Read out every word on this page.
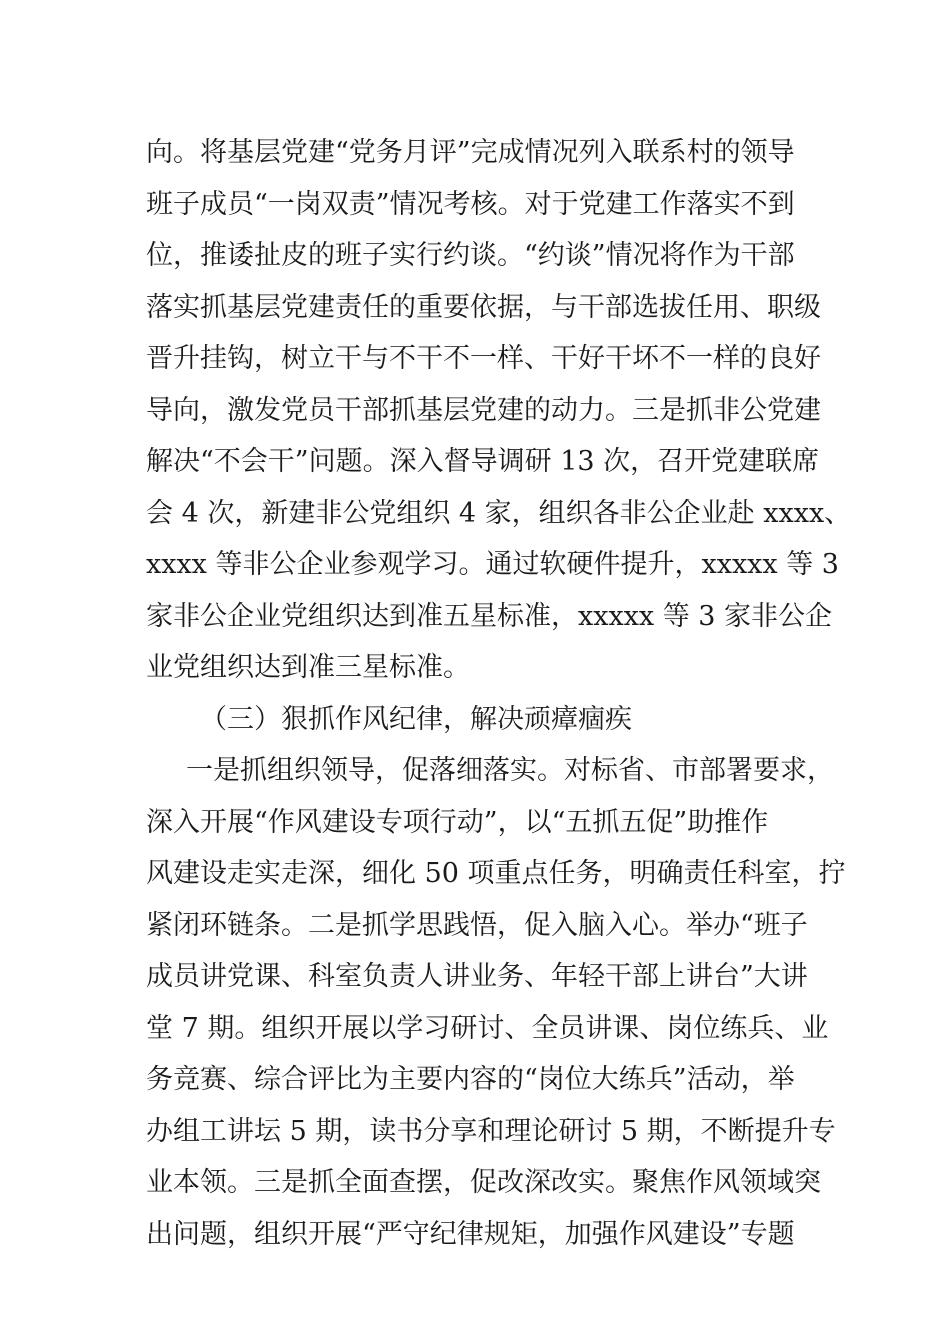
向。将基层党建“党务月评”完成情况列入联系村的领导
班子成员“一岗双责”情况考核。对于党建工作落实不到
位，推诿扯皮的班子实行约谈。“约谈”情况将作为干部
落实抓基层党建责任的重要依据，与干部选拔任用、职级
晋升挂钩，树立干与不干不一样、干好干坏不一样的良好
导向，激发党员干部抓基层党建的动力。三是抓非公党建
解决“不会干”问题。深入督导调研 13 次，召开党建联席
会 4 次，新建非公党组织 4 家，组织各非公企业赴 xxxx、
xxxx 等非公企业参观学习。通过软硬件提升，xxxxx 等 3
家非公企业党组织达到准五星标准，xxxxx 等 3 家非公企
业党组织达到准三星标准。
（三）狠抓作风纪律，解决顽瘴痼疾
一是抓组织领导，促落细落实。对标省、市部署要求，
深入开展“作风建设专项行动”，以“五抓五促”助推作
风建设走实走深，细化 50 项重点任务，明确责任科室，拧
紧闭环链条。二是抓学思践悟，促入脑入心。举办“班子
成员讲党课、科室负责人讲业务、年轻干部上讲台”大讲
堂 7 期。组织开展以学习研讨、全员讲课、岗位练兵、业
务竞赛、综合评比为主要内容的“岗位大练兵”活动，举
办组工讲坛 5 期，读书分享和理论研讨 5 期，不断提升专
业本领。三是抓全面查摆，促改深改实。聚焦作风领域突
出问题，组织开展“严守纪律规矩，加强作风建设”专题
